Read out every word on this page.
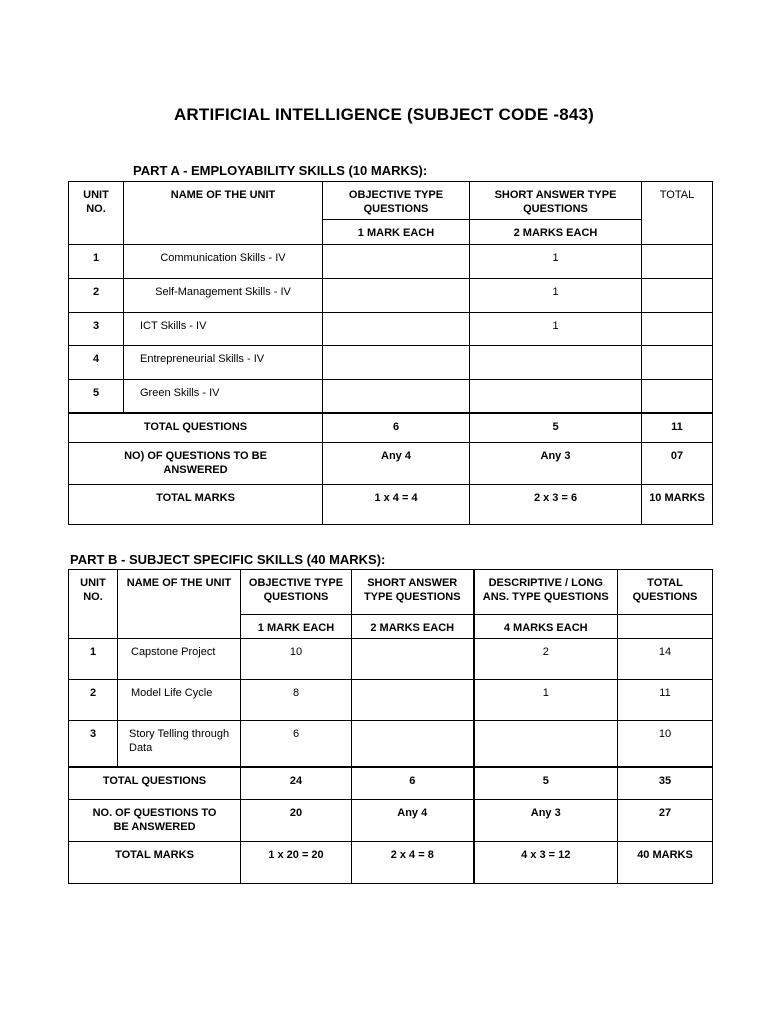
ARTIFICIAL INTELLIGENCE (SUBJECT CODE -843)
PART A - EMPLOYABILITY SKILLS (10 MARKS):
UNIT NO.	NAME OF THE UNIT	OBJECTIVE TYPE QUESTIONS	SHORT ANSWER TYPE QUESTIONS	TOTAL
		1 MARK EACH	2 MARKS EACH	
1	Communication Skills - IV		1	
2	Self-Management Skills - IV		1	
3	ICT Skills - IV		1	
4	Entrepreneurial Skills - IV			
5	Green Skills - IV			
TOTAL QUESTIONS		6	5	11
NO) OF QUESTIONS TO BE ANSWERED		Any 4	Any 3	07
TOTAL MARKS		1 x 4 = 4	2 x 3 = 6	10 MARKS
PART B - SUBJECT SPECIFIC SKILLS (40 MARKS):
UNIT NO.	NAME OF THE UNIT	OBJECTIVE TYPE QUESTIONS	SHORT ANSWER TYPE QUESTIONS	DESCRIPTIVE / LONG ANS. TYPE QUESTIONS	TOTAL QUESTIONS
		1 MARK EACH	2 MARKS EACH	4 MARKS EACH	
1	Capstone Project	10		2	14
2	Model Life Cycle	8		1	11
3	Story Telling through Data	6			10
TOTAL QUESTIONS		24	6	5	35
NO. OF QUESTIONS TO BE ANSWERED		20	Any 4	Any 3	27
TOTAL MARKS		1 x 20 = 20	2 x 4 = 8	4 x 3 = 12	40 MARKS
